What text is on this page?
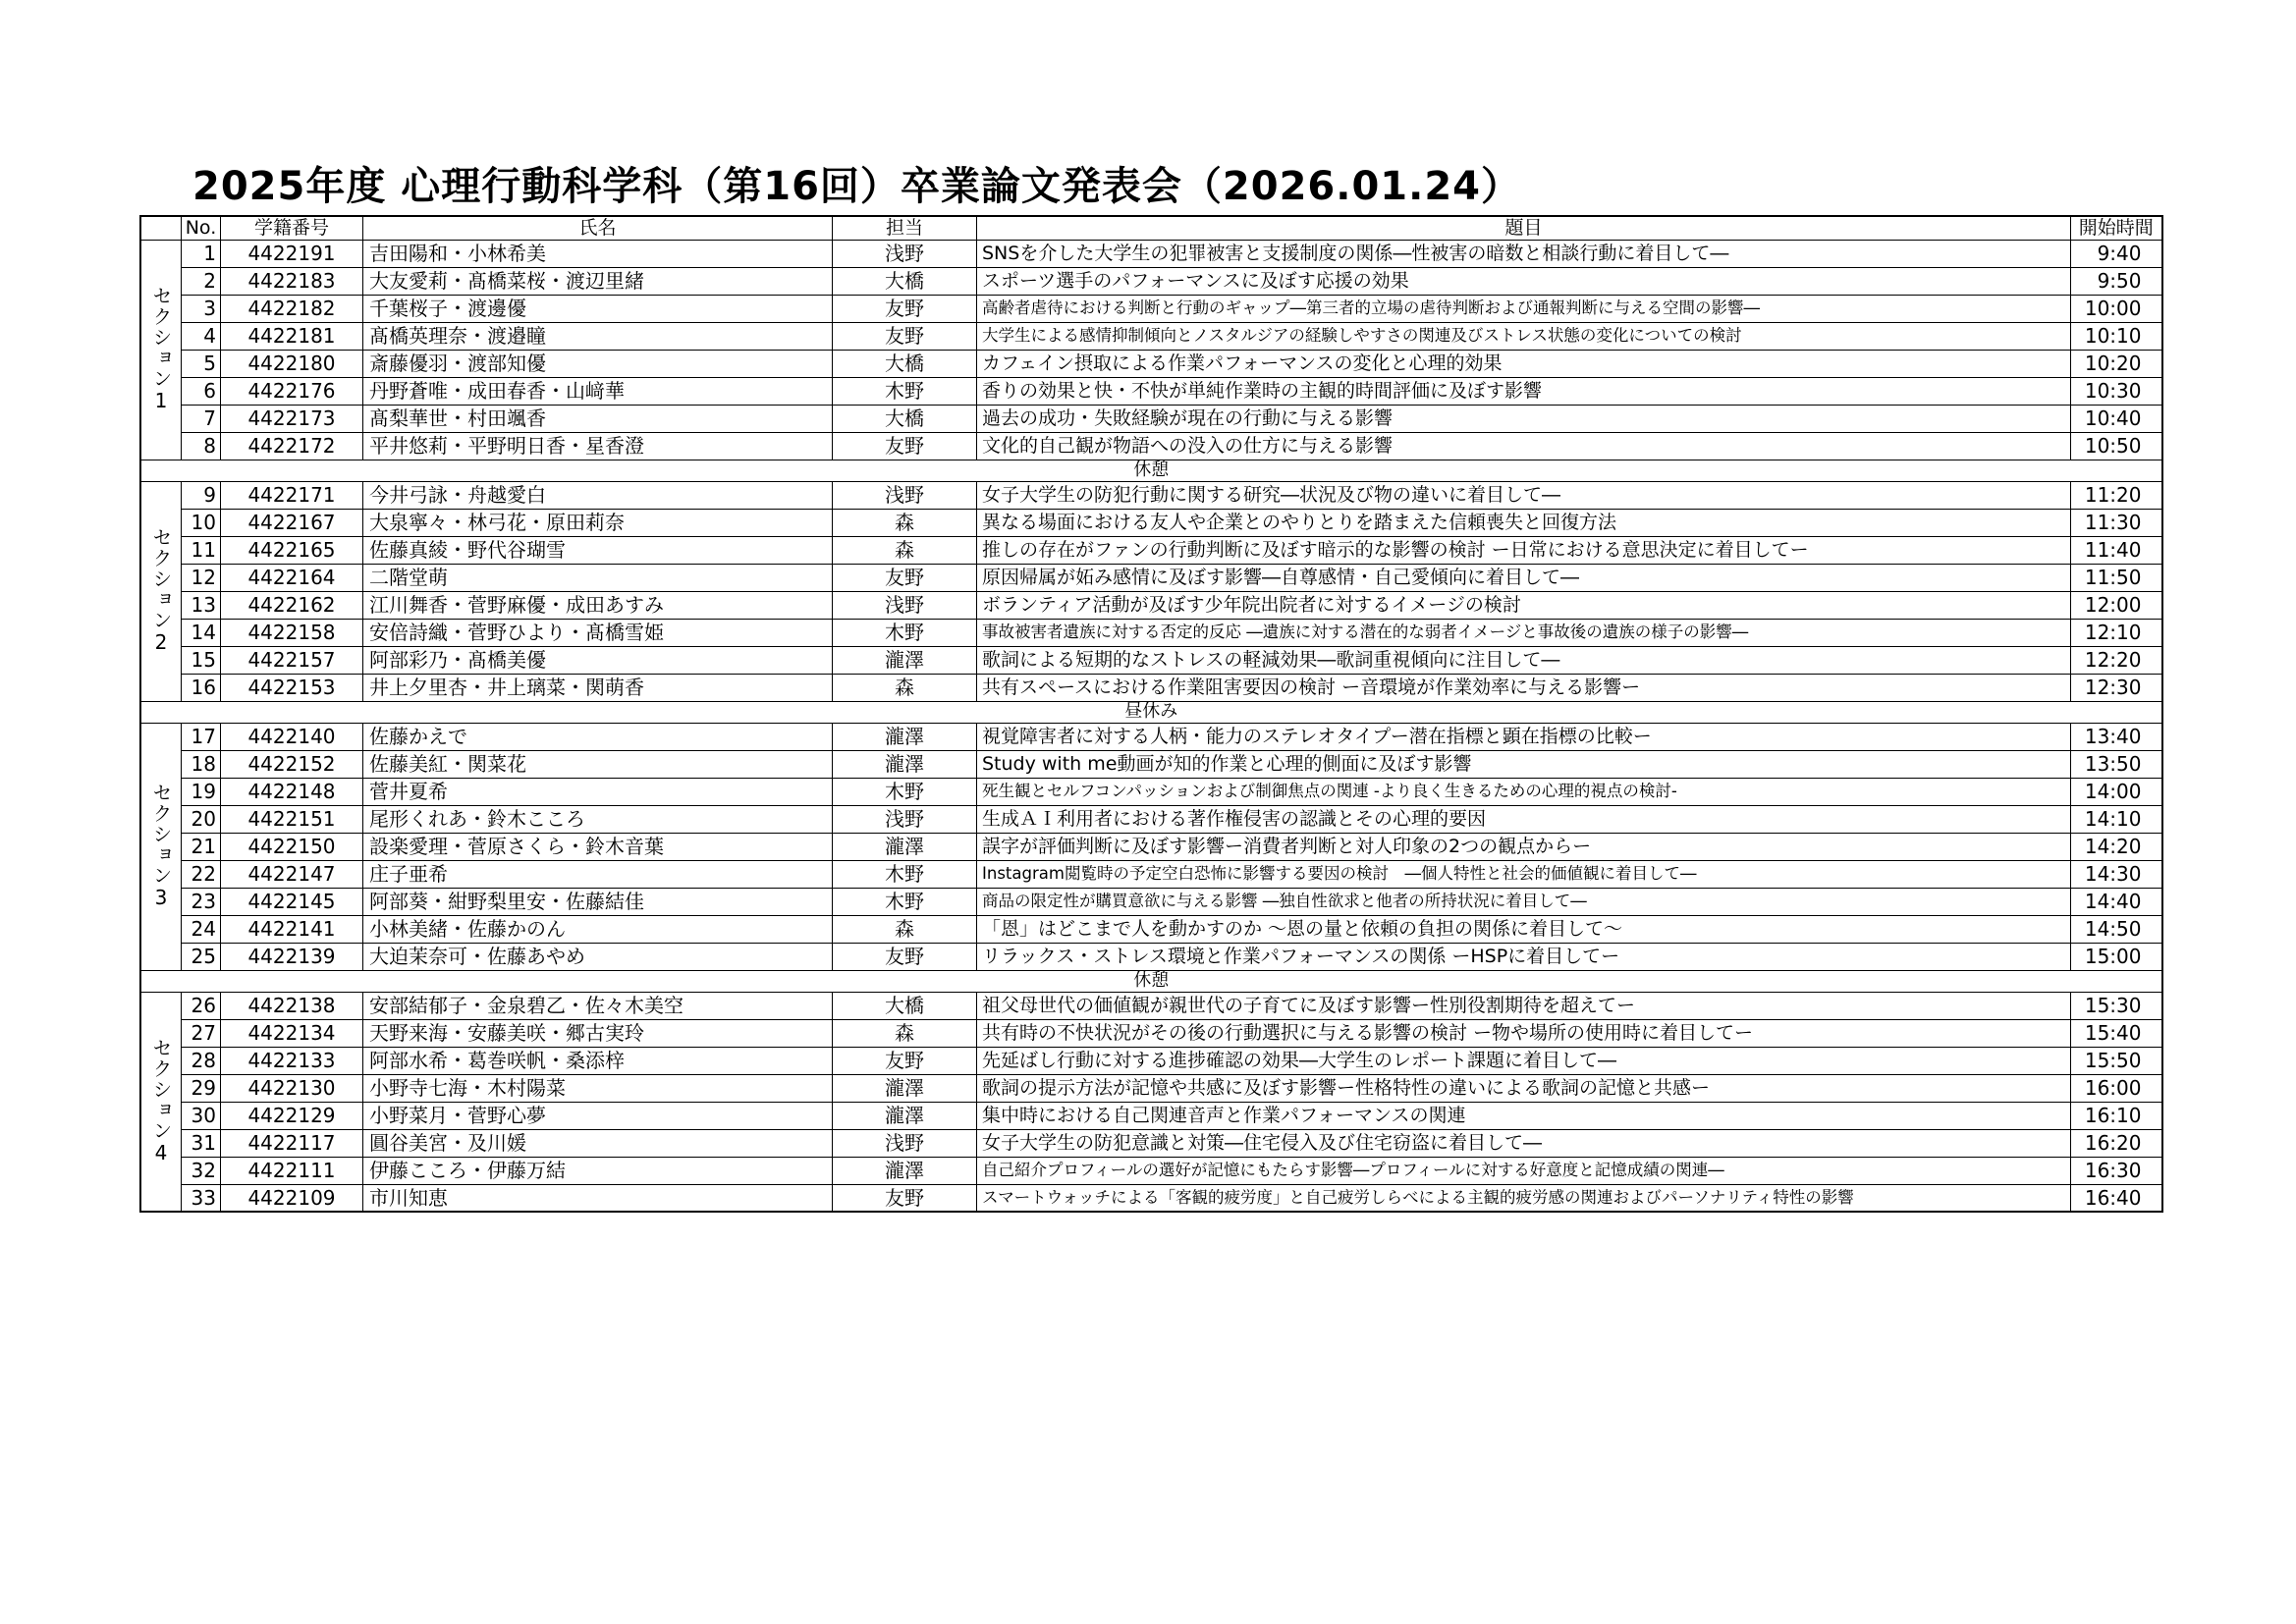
2025年度 心理行動科学科（第16回）卒業論文発表会（2026.01.24）
	No.	学籍番号	氏名	担当	題目	開始時間
セクション1	1	4422191	吉田陽和・小林希美	浅野	SNSを介した大学生の犯罪被害と支援制度の関係―性被害の暗数と相談行動に着目して―	9:40
	2	4422183	大友愛莉・髙橋菜桜・渡辺里緒	大橋	スポーツ選手のパフォーマンスに及ぼす応援の効果	9:50
	3	4422182	千葉桜子・渡邊優	友野	高齢者虐待における判断と行動のギャップ―第三者的立場の虐待判断および通報判断に与える空間の影響―	10:00
	4	4422181	髙橋英理奈・渡邉瞳	友野	大学生による感情抑制傾向とノスタルジアの経験しやすさの関連及びストレス状態の変化についての検討	10:10
	5	4422180	斎藤優羽・渡部知優	大橋	カフェイン摂取による作業パフォーマンスの変化と心理的効果	10:20
	6	4422176	丹野蒼唯・成田春香・山﨑華	木野	香りの効果と快・不快が単純作業時の主観的時間評価に及ぼす影響	10:30
	7	4422173	髙梨華世・村田颯香	大橋	過去の成功・失敗経験が現在の行動に与える影響	10:40
	8	4422172	平井悠莉・平野明日香・星香澄	友野	文化的自己観が物語への没入の仕方に与える影響	10:50
休憩						
セクション2	9	4422171	今井弓詠・舟越愛白	浅野	女子大学生の防犯行動に関する研究―状況及び物の違いに着目して―	11:20
	10	4422167	大泉寧々・林弓花・原田莉奈	森	異なる場面における友人や企業とのやりとりを踏まえた信頼喪失と回復方法	11:30
	11	4422165	佐藤真綾・野代谷瑚雪	森	推しの存在がファンの行動判断に及ぼす暗示的な影響の検討 ー日常における意思決定に着目してー	11:40
	12	4422164	二階堂萌	友野	原因帰属が妬み感情に及ぼす影響―自尊感情・自己愛傾向に着目して―	11:50
	13	4422162	江川舞香・菅野麻優・成田あすみ	浅野	ボランティア活動が及ぼす少年院出院者に対するイメージの検討	12:00
	14	4422158	安倍詩織・菅野ひより・髙橋雪姫	木野	事故被害者遺族に対する否定的反応 ―遺族に対する潜在的な弱者イメージと事故後の遺族の様子の影響―	12:10
	15	4422157	阿部彩乃・髙橋美優	瀧澤	歌詞による短期的なストレスの軽減効果―歌詞重視傾向に注目して―	12:20
	16	4422153	井上夕里杏・井上璃菜・関萌香	森	共有スペースにおける作業阻害要因の検討 ー音環境が作業効率に与える影響ー	12:30
昼休み						
セクション3	17	4422140	佐藤かえで	瀧澤	視覚障害者に対する人柄・能力のステレオタイプー潜在指標と顕在指標の比較ー	13:40
	18	4422152	佐藤美紅・関菜花	瀧澤	Study with me動画が知的作業と心理的側面に及ぼす影響	13:50
	19	4422148	菅井夏希	木野	死生観とセルフコンパッションおよび制御焦点の関連 -より良く生きるための心理的視点の検討-	14:00
	20	4422151	尾形くれあ・鈴木こころ	浅野	生成ＡＩ利用者における著作権侵害の認識とその心理的要因	14:10
	21	4422150	設楽愛理・菅原さくら・鈴木音葉	瀧澤	誤字が評価判断に及ぼす影響ー消費者判断と対人印象の2つの観点からー	14:20
	22	4422147	庄子亜希	木野	Instagram閲覧時の予定空白恐怖に影響する要因の検討　―個人特性と社会的価値観に着目して―	14:30
	23	4422145	阿部葵・紺野梨里安・佐藤結佳	木野	商品の限定性が購買意欲に与える影響 ―独自性欲求と他者の所持状況に着目して―	14:40
	24	4422141	小林美緒・佐藤かのん	森	「恩」はどこまで人を動かすのか ～恩の量と依頼の負担の関係に着目して～	14:50
	25	4422139	大迫茉奈可・佐藤あやめ	友野	リラックス・ストレス環境と作業パフォーマンスの関係 ーHSPに着目してー	15:00
休憩						
セクション4	26	4422138	安部結郁子・金泉碧乙・佐々木美空	大橋	祖父母世代の価値観が親世代の子育てに及ぼす影響ー性別役割期待を超えてー	15:30
	27	4422134	天野来海・安藤美咲・郷古実玲	森	共有時の不快状況がその後の行動選択に与える影響の検討 ー物や場所の使用時に着目してー	15:40
	28	4422133	阿部水希・葛巻咲帆・桑添梓	友野	先延ばし行動に対する進捗確認の効果―大学生のレポート課題に着目して―	15:50
	29	4422130	小野寺七海・木村陽菜	瀧澤	歌詞の提示方法が記憶や共感に及ぼす影響ー性格特性の違いによる歌詞の記憶と共感ー	16:00
	30	4422129	小野菜月・菅野心夢	瀧澤	集中時における自己関連音声と作業パフォーマンスの関連	16:10
	31	4422117	圓谷美宮・及川媛	浅野	女子大学生の防犯意識と対策―住宅侵入及び住宅窃盗に着目して―	16:20
	32	4422111	伊藤こころ・伊藤万結	瀧澤	自己紹介プロフィールの選好が記憶にもたらす影響―プロフィールに対する好意度と記憶成績の関連―	16:30
	33	4422109	市川知恵	友野	スマートウォッチによる「客観的疲労度」と自己疲労しらべによる主観的疲労感の関連およびパーソナリティ特性の影響	16:40
